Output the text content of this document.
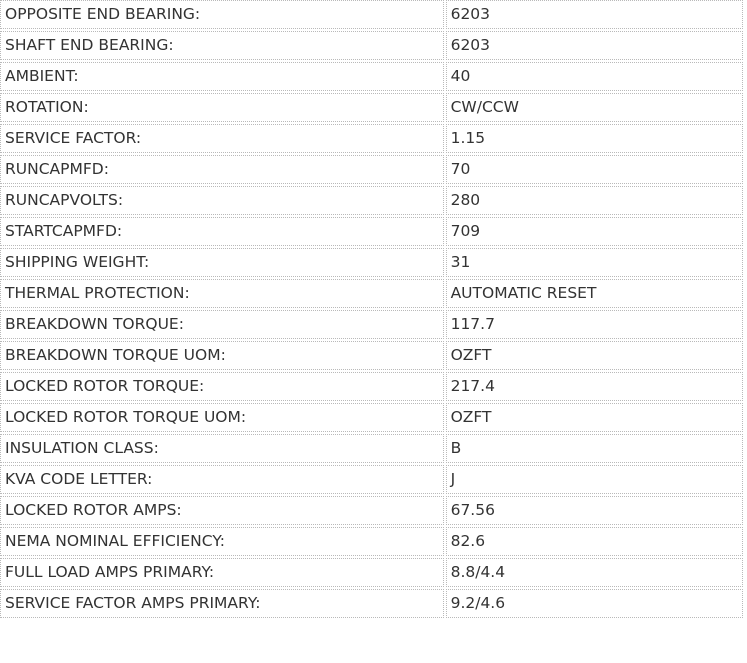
OPPOSITE END BEARING:	6203
SHAFT END BEARING:	6203
AMBIENT:	40
ROTATION:	CW/CCW
SERVICE FACTOR:	1.15
RUNCAPMFD:	70
RUNCAPVOLTS:	280
STARTCAPMFD:	709
SHIPPING WEIGHT:	31
THERMAL PROTECTION:	AUTOMATIC RESET
BREAKDOWN TORQUE:	117.7
BREAKDOWN TORQUE UOM:	OZFT
LOCKED ROTOR TORQUE:	217.4
LOCKED ROTOR TORQUE UOM:	OZFT
INSULATION CLASS:	B
KVA CODE LETTER:	J
LOCKED ROTOR AMPS:	67.56
NEMA NOMINAL EFFICIENCY:	82.6
FULL LOAD AMPS PRIMARY:	8.8/4.4
SERVICE FACTOR AMPS PRIMARY:	9.2/4.6
